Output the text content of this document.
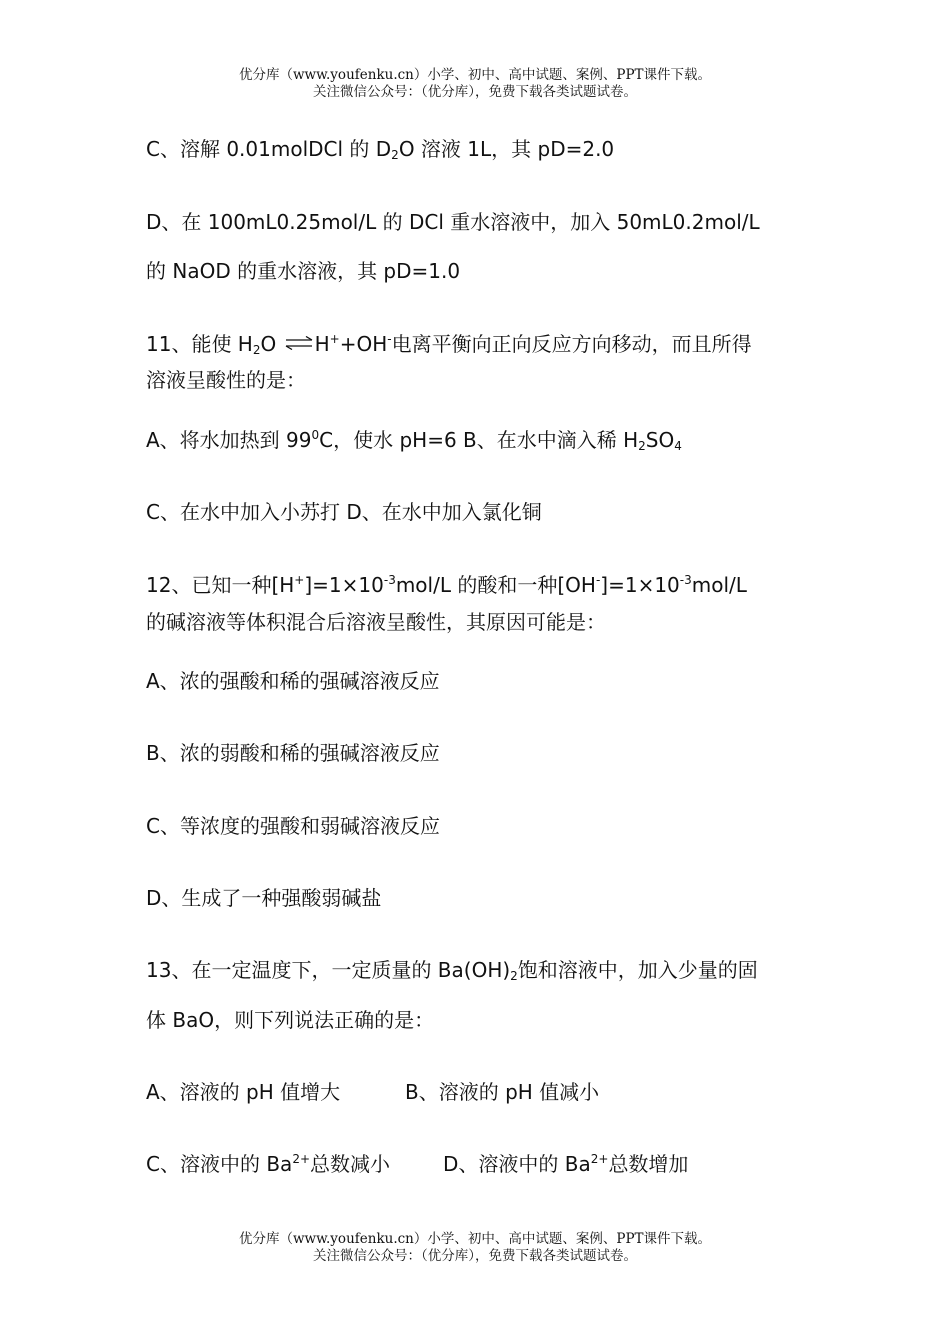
优分库（www.youfenku.cn）小学、初中、高中试题、案例、PPT课件下载。
关注微信公众号：（优分库），免费下载各类试题试卷。
C、溶解 0.01molDCl 的 $D_2O$ 溶液 1L，其 pD=2.0
D、在 100mL0.25mol/L 的 DCl 重水溶液中，加入 50mL0.2mol/L
的 NaOD 的重水溶液，其 pD=1.0
11、能使 $H_2O$ ⇌H++OH-电离平衡向正向反应方向移动，而且所得
溶液呈酸性的是：
A、将水加热到 $99^0C$，使水 pH=6 B、在水中滴入稀 $H_2SO_4$
C、在水中加入小苏打 D、在水中加入氯化铜
12、已知一种$[H^+]=1\times 10^{-3}mol/L$ 的酸和一种$[OH^-]=1\times 10^{-3}mol/L$
的碱溶液等体积混合后溶液呈酸性，其原因可能是：
A、浓的强酸和稀的强碱溶液反应
B、浓的弱酸和稀的强碱溶液反应
C、等浓度的强酸和弱碱溶液反应
D、生成了一种强酸弱碱盐
13、在一定温度下，一定质量的 $Ba(OH)_2$饱和溶液中，加入少量的固
体 BaO，则下列说法正确的是：
A、溶液的 pH 值增大	B、溶液的 pH 值减小
C、溶液中的 $Ba^{2+}$总数减小	D、溶液中的 $Ba^{2+}$总数增加
优分库（www.youfenku.cn）小学、初中、高中试题、案例、PPT课件下载。
关注微信公众号：（优分库），免费下载各类试题试卷。
